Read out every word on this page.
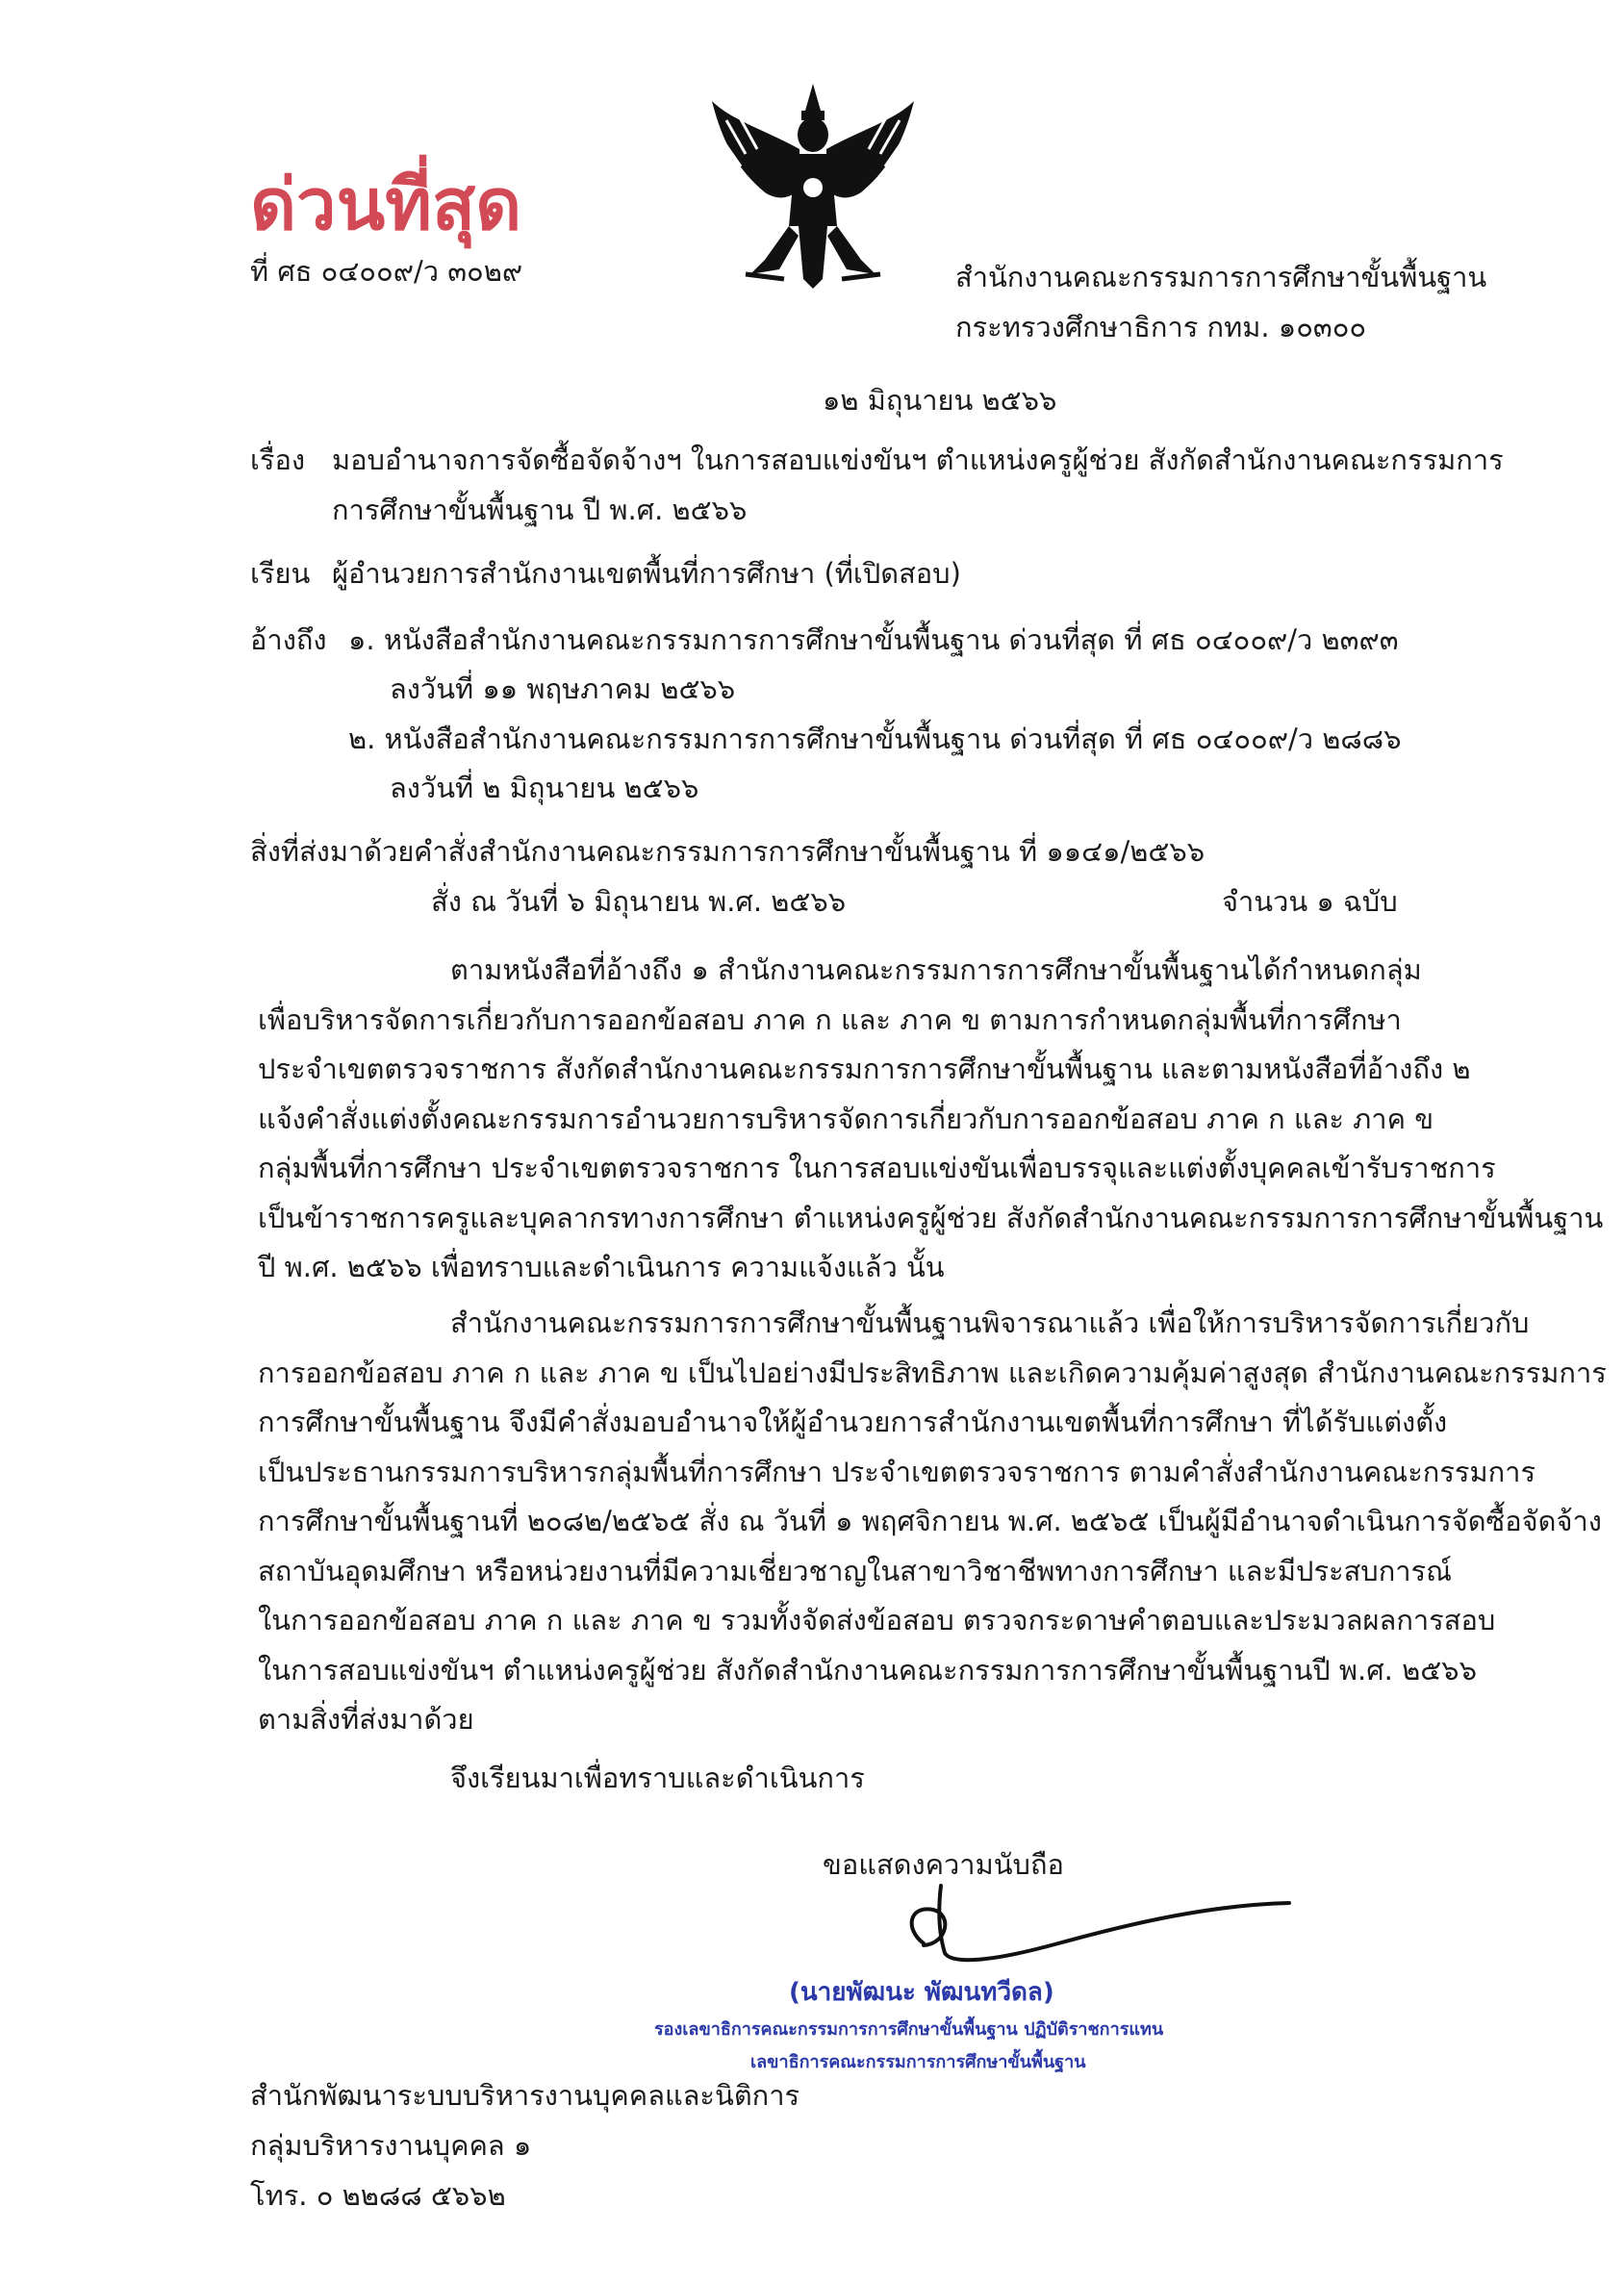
ด่วนที่สุด
ที่ ศธ ๐๔๐๐๙/ว ๓๐๒๙	สำนักงานคณะกรรมการการศึกษาขั้นพื้นฐาน
กระทรวงศึกษาธิการ กทม. ๑๐๓๐๐
๑๒ มิถุนายน ๒๕๖๖
เรื่อง มอบอำนาจการจัดซื้อจัดจ้างฯ ในการสอบแข่งขันฯ ตำแหน่งครูผู้ช่วย สังกัดสำนักงานคณะกรรมการ
การศึกษาขั้นพื้นฐาน ปี พ.ศ. ๒๕๖๖
เรียน ผู้อำนวยการสำนักงานเขตพื้นที่การศึกษา (ที่เปิดสอบ)
อ้างถึง ๑. หนังสือสำนักงานคณะกรรมการการศึกษาขั้นพื้นฐาน ด่วนที่สุด ที่ ศธ ๐๔๐๐๙/ว ๒๓๙๓
ลงวันที่ ๑๑ พฤษภาคม ๒๕๖๖
๒. หนังสือสำนักงานคณะกรรมการการศึกษาขั้นพื้นฐาน ด่วนที่สุด ที่ ศธ ๐๔๐๐๙/ว ๒๘๘๖
ลงวันที่ ๒ มิถุนายน ๒๕๖๖
สิ่งที่ส่งมาด้วย คำสั่งสำนักงานคณะกรรมการการศึกษาขั้นพื้นฐาน ที่ ๑๑๔๑/๒๕๖๖
สั่ง ณ วันที่ ๖ มิถุนายน พ.ศ. ๒๕๖๖	จำนวน ๑ ฉบับ
ตามหนังสือที่อ้างถึง ๑ สำนักงานคณะกรรมการการศึกษาขั้นพื้นฐานได้กำหนดกลุ่ม
เพื่อบริหารจัดการเกี่ยวกับการออกข้อสอบ ภาค ก และ ภาค ข ตามการกำหนดกลุ่มพื้นที่การศึกษา
ประจำเขตตรวจราชการ สังกัดสำนักงานคณะกรรมการการศึกษาขั้นพื้นฐาน และตามหนังสือที่อ้างถึง ๒
แจ้งคำสั่งแต่งตั้งคณะกรรมการอำนวยการบริหารจัดการเกี่ยวกับการออกข้อสอบ ภาค ก และ ภาค ข
กลุ่มพื้นที่การศึกษา ประจำเขตตรวจราชการ ในการสอบแข่งขันเพื่อบรรจุและแต่งตั้งบุคคลเข้ารับราชการ
เป็นข้าราชการครูและบุคลากรทางการศึกษา ตำแหน่งครูผู้ช่วย สังกัดสำนักงานคณะกรรมการการศึกษาขั้นพื้นฐาน
ปี พ.ศ. ๒๕๖๖ เพื่อทราบและดำเนินการ ความแจ้งแล้ว นั้น
สำนักงานคณะกรรมการการศึกษาขั้นพื้นฐานพิจารณาแล้ว เพื่อให้การบริหารจัดการเกี่ยวกับ
การออกข้อสอบ ภาค ก และ ภาค ข เป็นไปอย่างมีประสิทธิภาพ และเกิดความคุ้มค่าสูงสุด สำนักงานคณะกรรมการ
การศึกษาขั้นพื้นฐาน จึงมีคำสั่งมอบอำนาจให้ผู้อำนวยการสำนักงานเขตพื้นที่การศึกษา ที่ได้รับแต่งตั้ง
เป็นประธานกรรมการบริหารกลุ่มพื้นที่การศึกษา ประจำเขตตรวจราชการ ตามคำสั่งสำนักงานคณะกรรมการ
การศึกษาขั้นพื้นฐานที่ ๒๐๘๒/๒๕๖๕ สั่ง ณ วันที่ ๑ พฤศจิกายน พ.ศ. ๒๕๖๕ เป็นผู้มีอำนาจดำเนินการจัดซื้อจัดจ้าง
สถาบันอุดมศึกษา หรือหน่วยงานที่มีความเชี่ยวชาญในสาขาวิชาชีพทางการศึกษา และมีประสบการณ์
ในการออกข้อสอบ ภาค ก และ ภาค ข รวมทั้งจัดส่งข้อสอบ ตรวจกระดาษคำตอบและประมวลผลการสอบ
ในการสอบแข่งขันฯ ตำแหน่งครูผู้ช่วย สังกัดสำนักงานคณะกรรมการการศึกษาขั้นพื้นฐานปี พ.ศ. ๒๕๖๖
ตามสิ่งที่ส่งมาด้วย
จึงเรียนมาเพื่อทราบและดำเนินการ
ขอแสดงความนับถือ
(นายพัฒนะ พัฒนทวีดล)
รองเลขาธิการคณะกรรมการการศึกษาขั้นพื้นฐาน ปฏิบัติราชการแทน
เลขาธิการคณะกรรมการการศึกษาขั้นพื้นฐาน
สำนักพัฒนาระบบบริหารงานบุคคลและนิติการ
กลุ่มบริหารงานบุคคล ๑
โทร. ๐ ๒๒๘๘ ๕๖๖๒
